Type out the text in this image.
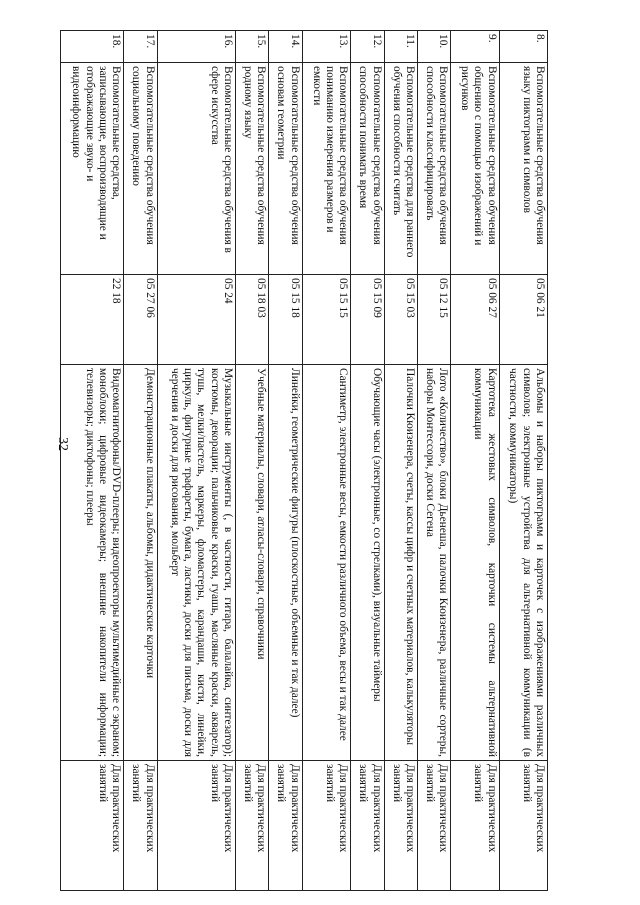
32
8.	Вспомогательные средства обучения языку пиктограмм и символов	05 06 21	Альбомы и наборы пиктограмм и карточек с изображениями различных символов; электронные устройства для альтернативной коммуникации (в частности, коммуникаторы)	Для практических занятий
9.	Вспомогательные средства обучения общению с помощью изображений и рисунков	05 06 27	Картотека жестовых символов, карточки системы альтернативной коммуникации	Для практических занятий
10.	Вспомогательные средства обучения способности классифицировать	05 12 15	Лото «Количество», блоки Дьенеша, палочки Кюизенера, различные сортеры, наборы Монтессори, доски Сегена	Для практических занятий
11.	Вспомогательные средства для раннего обучения способности считать	05 15 03	Палочки Кюизенера, счеты, кассы цифр и счетных материалов, калькуляторы	Для практических занятий
12.	Вспомогательные средства обучения способности понимать время	05 15 09	Обучающие часы (электронные, со стрелками), визуальные таймеры	Для практических занятий
13.	Вспомогательные средства обучения пониманию измерения размеров и емкости	05 15 15	Сантиметр, электронные весы, емкости различного объема, весы и так далее	Для практических занятий
14.	Вспомогательные средства обучения основам геометрии	05 15 18	Линейки, геометрические фигуры (плоскостные, объемные и так далее)	Для практических занятий
15.	Вспомогательные средства обучения родному языку	05 18 03	Учебные материалы, словари, атласы-словари, справочники	Для практических занятий
16.	Вспомогательные средства обучения в сфере искусства	05 24	Музыкальные инструменты (, в частности, гитара, балалайка, синтезатор); костюмы, декорации; пальчиковые краски, гуашь, масляные краски, акварель, тушь, мелки/пастель, маркеры, фломастеры, карандаши, кисти, линейки, циркуль, фигурные трафареты, бумага, ластики, доски для письма, доски для черчения и доски для рисования, мольберт	Для практических занятий
17.	Вспомогательные средства обучения социальному поведению	05 27 06	Демонстрационные плакаты, альбомы, дидактические карточки	Для практических занятий
18.	Вспомогательные средства, записывающие, воспроизводящие и отображающие звуко- и видеоинформацию	22 18	Видеомагнитофоны/DVD-плееры; видеопроекторы мультимедийные с экраном; моноблоки; цифровые видеокамеры; внешние накопители информации; телевизоры; диктофоны; плееры	Для практических занятий
